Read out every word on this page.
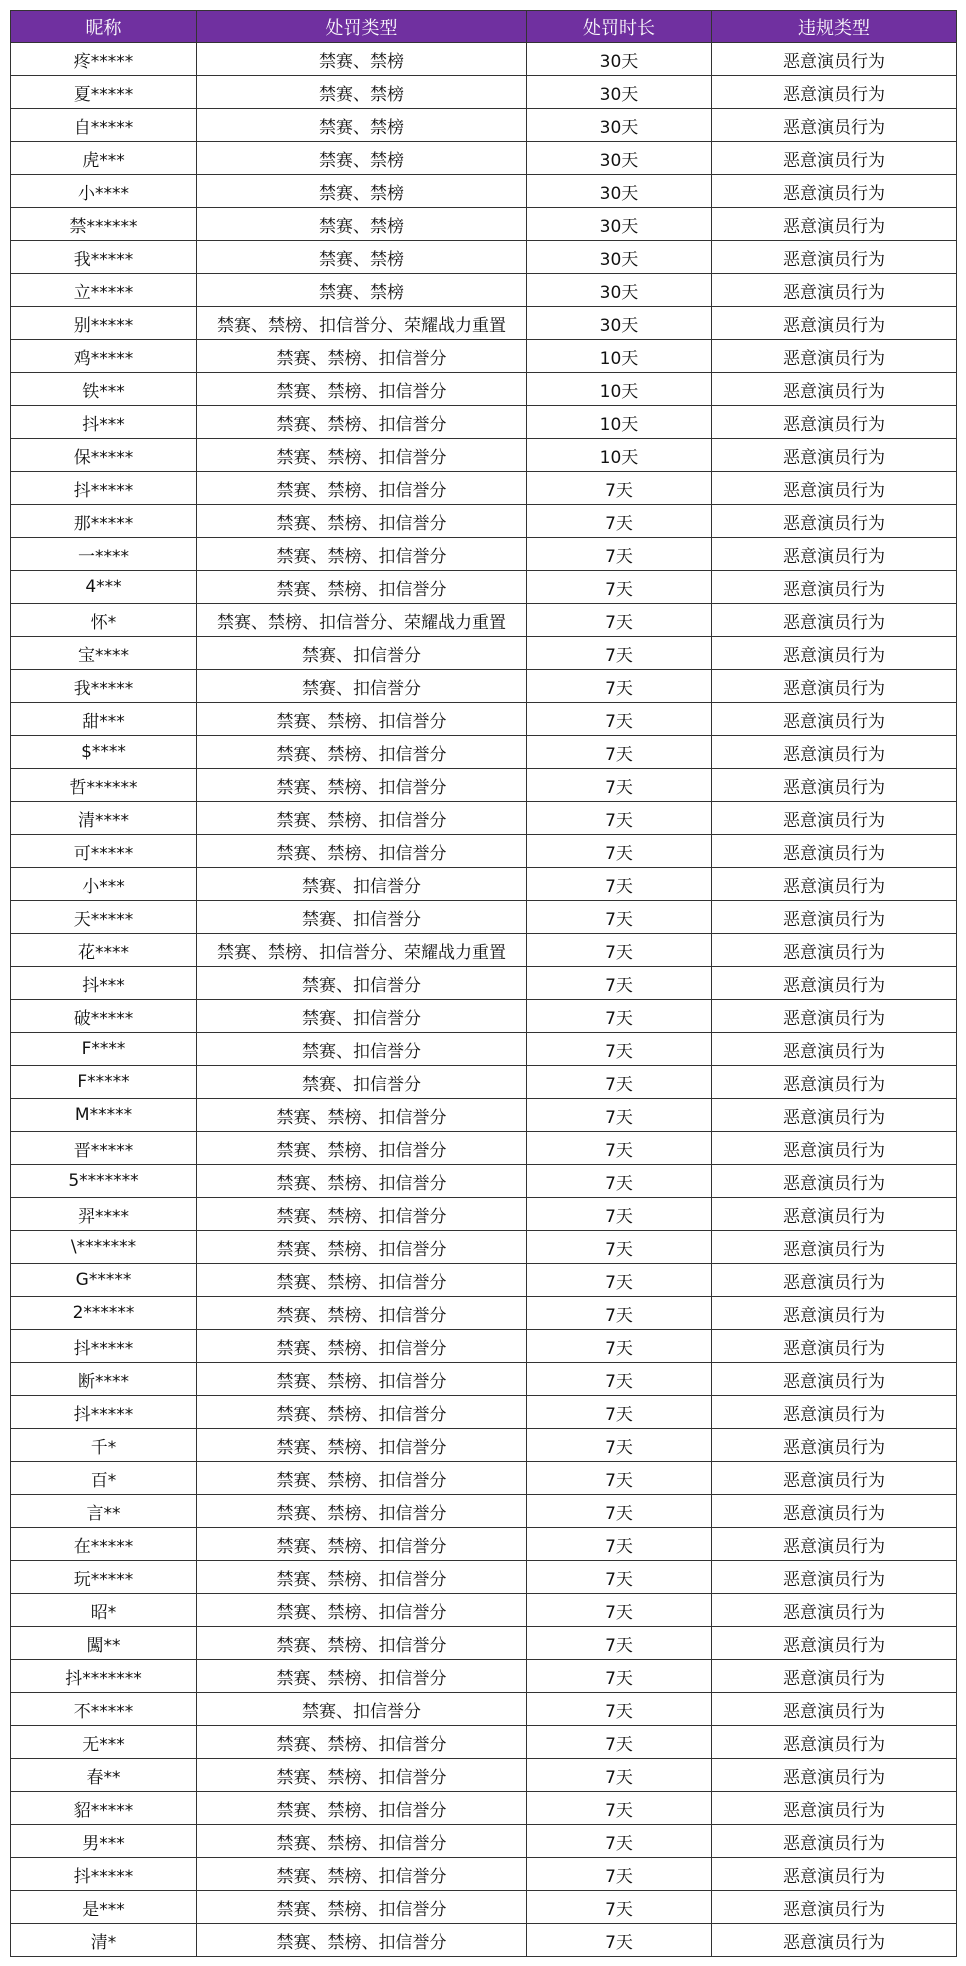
昵称	处罚类型	处罚时长	违规类型
疼*****	禁赛、禁榜	30天	恶意演员行为
夏*****	禁赛、禁榜	30天	恶意演员行为
自*****	禁赛、禁榜	30天	恶意演员行为
虎***	禁赛、禁榜	30天	恶意演员行为
小****	禁赛、禁榜	30天	恶意演员行为
禁******	禁赛、禁榜	30天	恶意演员行为
我*****	禁赛、禁榜	30天	恶意演员行为
立*****	禁赛、禁榜	30天	恶意演员行为
别*****	禁赛、禁榜、扣信誉分、荣耀战力重置	30天	恶意演员行为
鸡*****	禁赛、禁榜、扣信誉分	10天	恶意演员行为
铁***	禁赛、禁榜、扣信誉分	10天	恶意演员行为
抖***	禁赛、禁榜、扣信誉分	10天	恶意演员行为
保*****	禁赛、禁榜、扣信誉分	10天	恶意演员行为
抖*****	禁赛、禁榜、扣信誉分	7天	恶意演员行为
那*****	禁赛、禁榜、扣信誉分	7天	恶意演员行为
一****	禁赛、禁榜、扣信誉分	7天	恶意演员行为
4***	禁赛、禁榜、扣信誉分	7天	恶意演员行为
怀*	禁赛、禁榜、扣信誉分、荣耀战力重置	7天	恶意演员行为
宝****	禁赛、扣信誉分	7天	恶意演员行为
我*****	禁赛、扣信誉分	7天	恶意演员行为
甜***	禁赛、禁榜、扣信誉分	7天	恶意演员行为
$****	禁赛、禁榜、扣信誉分	7天	恶意演员行为
哲******	禁赛、禁榜、扣信誉分	7天	恶意演员行为
清****	禁赛、禁榜、扣信誉分	7天	恶意演员行为
可*****	禁赛、禁榜、扣信誉分	7天	恶意演员行为
小***	禁赛、扣信誉分	7天	恶意演员行为
天*****	禁赛、扣信誉分	7天	恶意演员行为
花****	禁赛、禁榜、扣信誉分、荣耀战力重置	7天	恶意演员行为
抖***	禁赛、扣信誉分	7天	恶意演员行为
破*****	禁赛、扣信誉分	7天	恶意演员行为
F****	禁赛、扣信誉分	7天	恶意演员行为
F*****	禁赛、扣信誉分	7天	恶意演员行为
M*****	禁赛、禁榜、扣信誉分	7天	恶意演员行为
晋*****	禁赛、禁榜、扣信誉分	7天	恶意演员行为
5*******	禁赛、禁榜、扣信誉分	7天	恶意演员行为
羿****	禁赛、禁榜、扣信誉分	7天	恶意演员行为
\*******	禁赛、禁榜、扣信誉分	7天	恶意演员行为
G*****	禁赛、禁榜、扣信誉分	7天	恶意演员行为
2******	禁赛、禁榜、扣信誉分	7天	恶意演员行为
抖*****	禁赛、禁榜、扣信誉分	7天	恶意演员行为
断****	禁赛、禁榜、扣信誉分	7天	恶意演员行为
抖*****	禁赛、禁榜、扣信誉分	7天	恶意演员行为
千*	禁赛、禁榜、扣信誉分	7天	恶意演员行为
百*	禁赛、禁榜、扣信誉分	7天	恶意演员行为
言**	禁赛、禁榜、扣信誉分	7天	恶意演员行为
在*****	禁赛、禁榜、扣信誉分	7天	恶意演员行为
玩*****	禁赛、禁榜、扣信誉分	7天	恶意演员行为
昭*	禁赛、禁榜、扣信誉分	7天	恶意演员行为
闖**	禁赛、禁榜、扣信誉分	7天	恶意演员行为
抖*******	禁赛、禁榜、扣信誉分	7天	恶意演员行为
不*****	禁赛、扣信誉分	7天	恶意演员行为
无***	禁赛、禁榜、扣信誉分	7天	恶意演员行为
春**	禁赛、禁榜、扣信誉分	7天	恶意演员行为
貂*****	禁赛、禁榜、扣信誉分	7天	恶意演员行为
男***	禁赛、禁榜、扣信誉分	7天	恶意演员行为
抖*****	禁赛、禁榜、扣信誉分	7天	恶意演员行为
是***	禁赛、禁榜、扣信誉分	7天	恶意演员行为
清*	禁赛、禁榜、扣信誉分	7天	恶意演员行为
